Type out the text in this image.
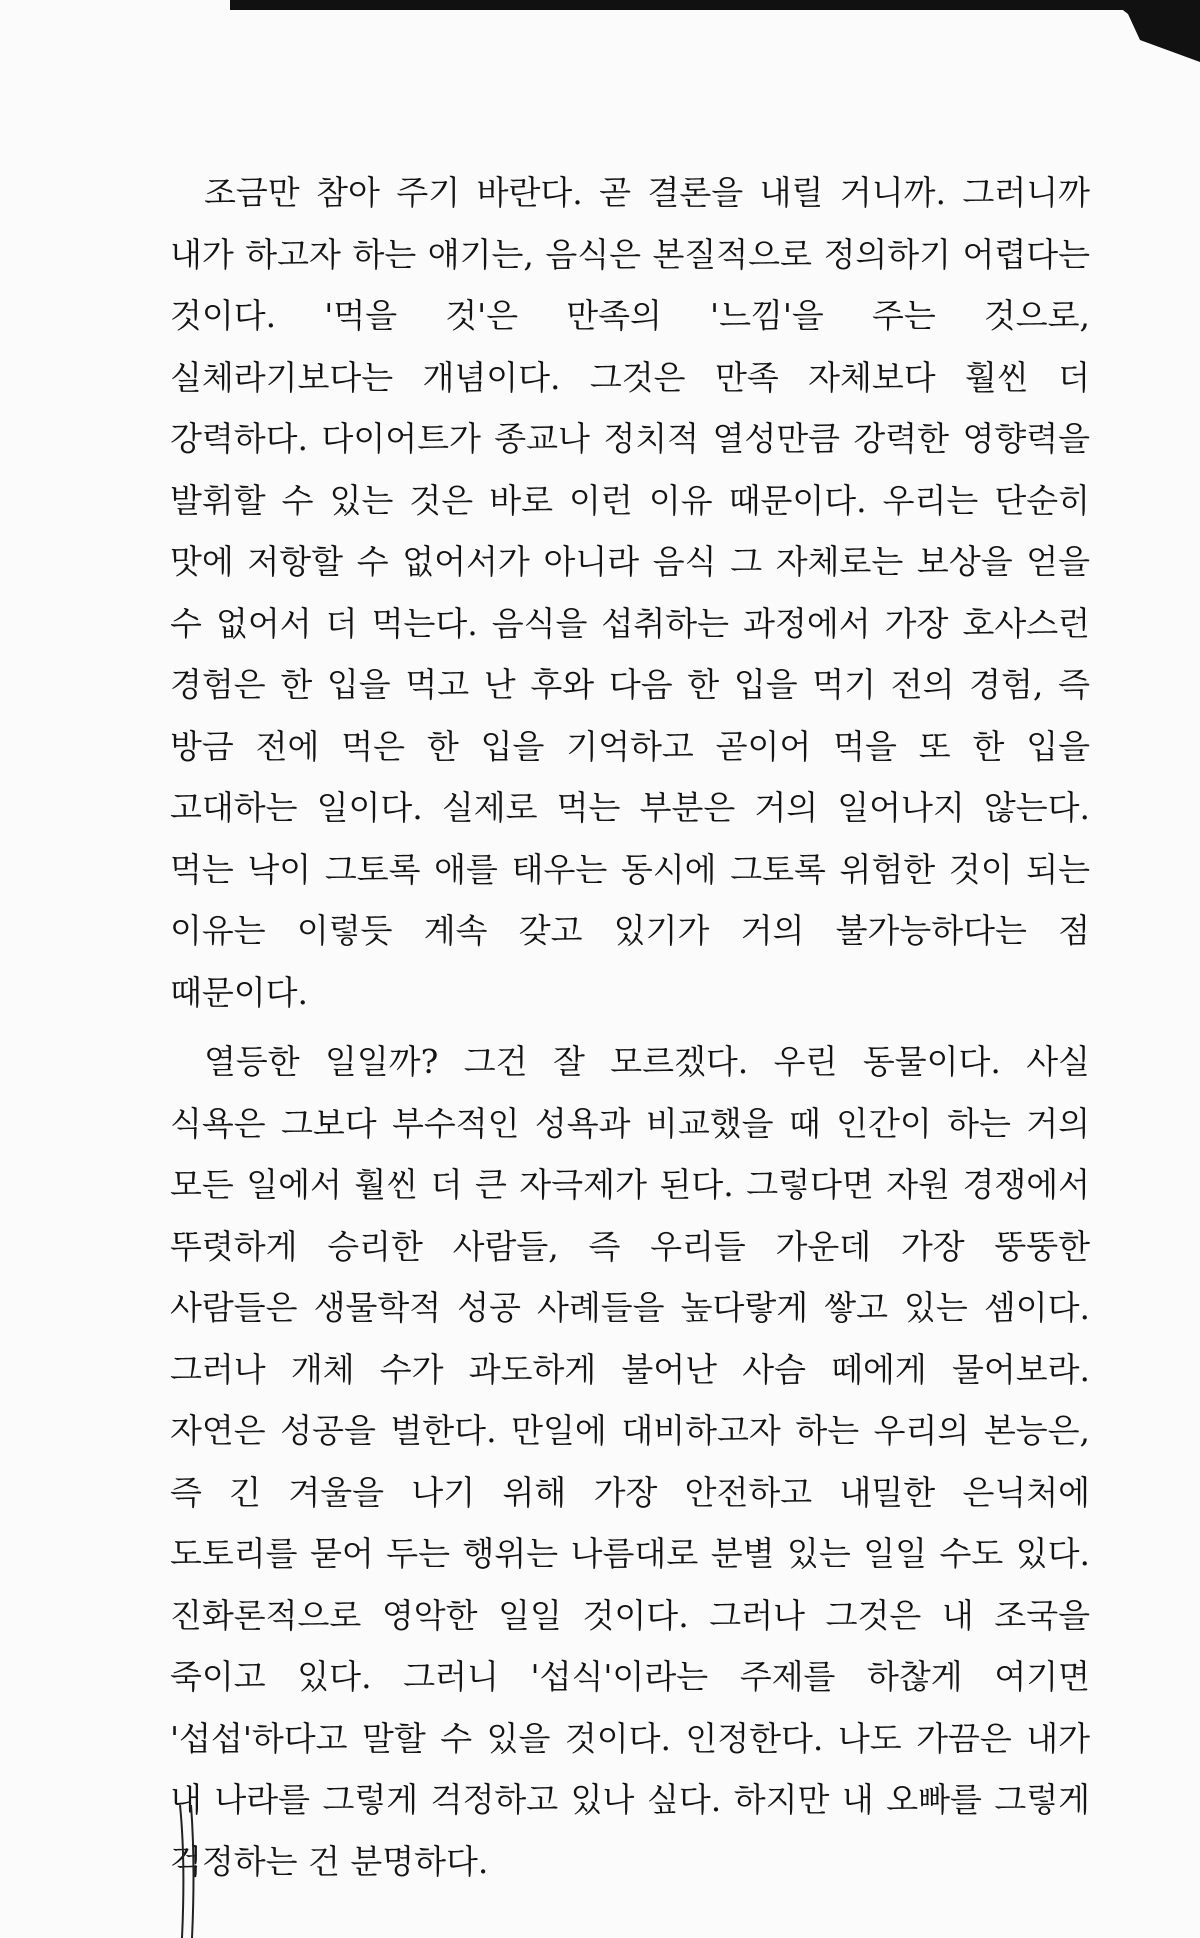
조금만 참아 주기 바란다. 곧 결론을 내릴 거니까. 그러니까 내가 하고자 하는 얘기는, 음식은 본질적으로 정의하기 어렵다는 것이다. '먹을 것'은 만족의 '느낌'을 주는 것으로, 실체라기보다는 개념이다. 그것은 만족 자체보다 훨씬 더 강력하다. 다이어트가 종교나 정치적 열성만큼 강력한 영향력을 발휘할 수 있는 것은 바로 이런 이유 때문이다. 우리는 단순히 맛에 저항할 수 없어서가 아니라 음식 그 자체로는 보상을 얻을 수 없어서 더 먹는다. 음식을 섭취하는 과정에서 가장 호사스런 경험은 한 입을 먹고 난 후와 다음 한 입을 먹기 전의 경험, 즉 방금 전에 먹은 한 입을 기억하고 곧이어 먹을 또 한 입을 고대하는 일이다. 실제로 먹는 부분은 거의 일어나지 않는다. 먹는 낙이 그토록 애를 태우는 동시에 그토록 위험한 것이 되는 이유는 이렇듯 계속 갖고 있기가 거의 불가능하다는 점 때문이다.

열등한 일일까? 그건 잘 모르겠다. 우린 동물이다. 사실 식욕은 그보다 부수적인 성욕과 비교했을 때 인간이 하는 거의 모든 일에서 훨씬 더 큰 자극제가 된다. 그렇다면 자원 경쟁에서 뚜렷하게 승리한 사람들, 즉 우리들 가운데 가장 뚱뚱한 사람들은 생물학적 성공 사례들을 높다랗게 쌓고 있는 셈이다. 그러나 개체 수가 과도하게 불어난 사슴 떼에게 물어보라. 자연은 성공을 벌한다. 만일에 대비하고자 하는 우리의 본능은, 즉 긴 겨울을 나기 위해 가장 안전하고 내밀한 은닉처에 도토리를 묻어 두는 행위는 나름대로 분별 있는 일일 수도 있다. 진화론적으로 영악한 일일 것이다. 그러나 그것은 내 조국을 죽이고 있다. 그러니 '섭식'이라는 주제를 하찮게 여기면 '섭섭'하다고 말할 수 있을 것이다. 인정한다. 나도 가끔은 내가 내 나라를 그렇게 걱정하고 있나 싶다. 하지만 내 오빠를 그렇게 걱정하는 건 분명하다.
